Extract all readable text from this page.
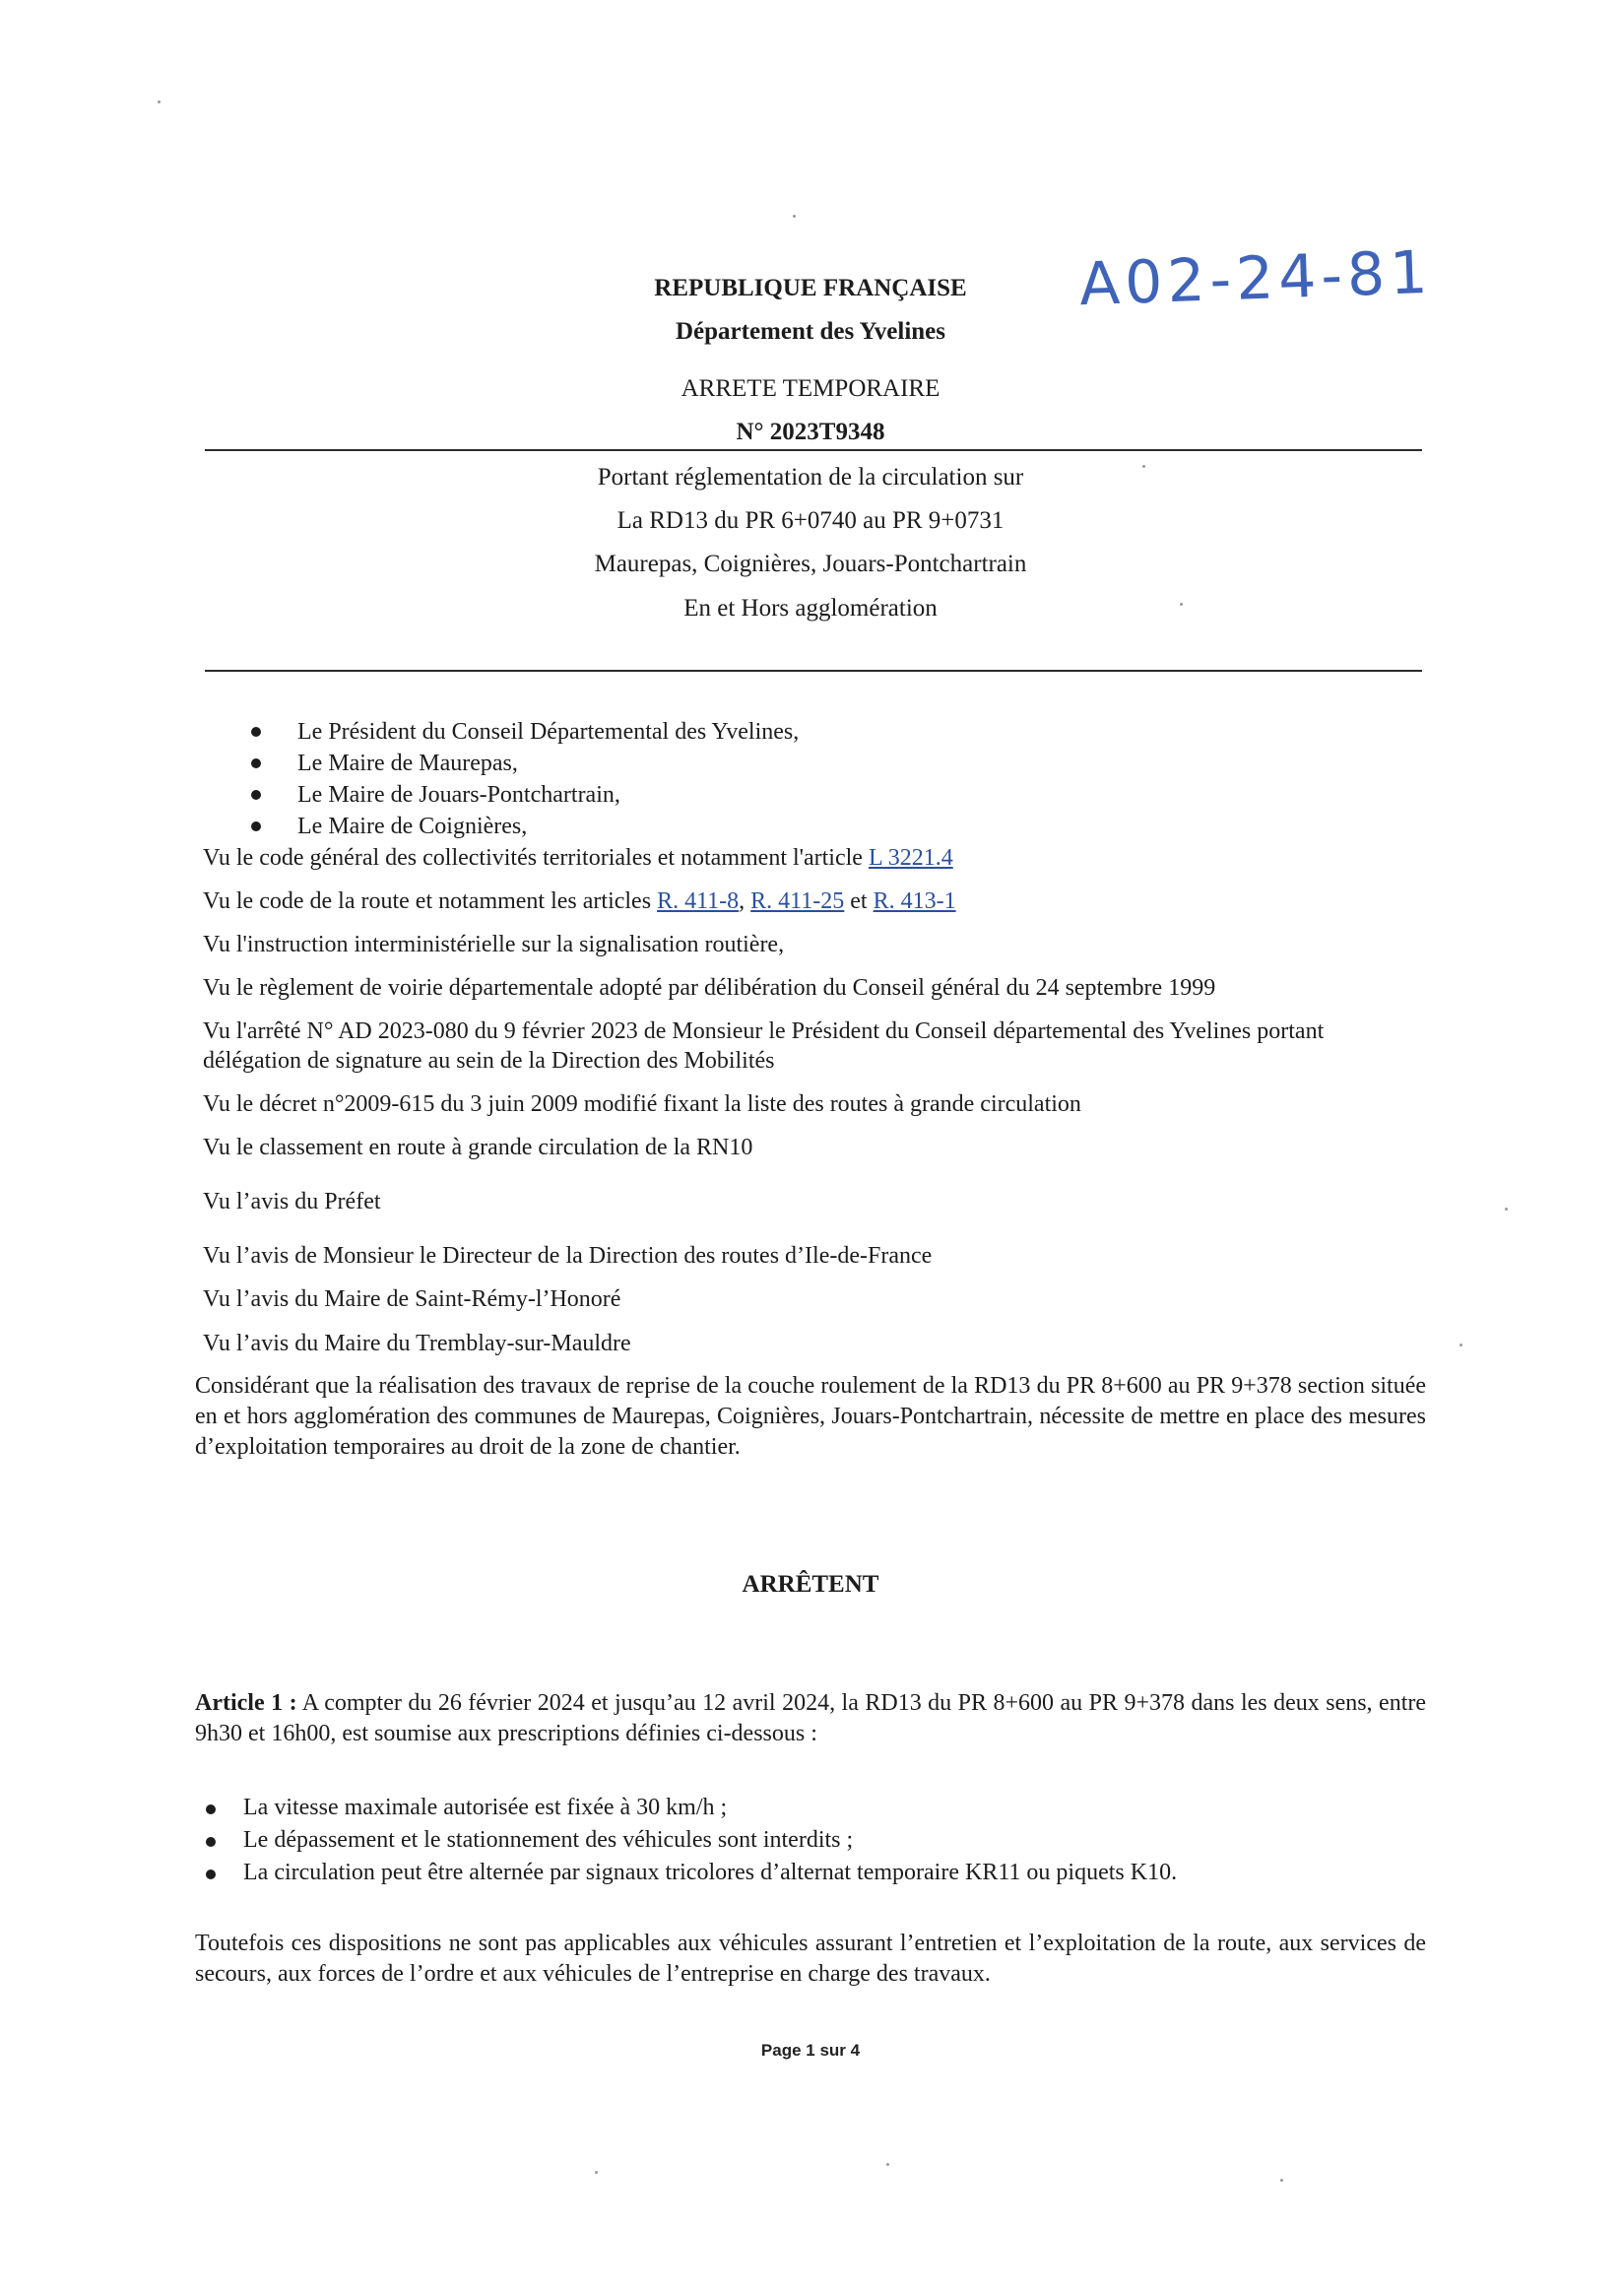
A02-24-81
REPUBLIQUE FRANÇAISE
Département des Yvelines
ARRETE TEMPORAIRE
N° 2023T9348
Portant réglementation de la circulation sur
La RD13 du PR 6+0740 au PR 9+0731
Maurepas, Coignières, Jouars-Pontchartrain
En et Hors agglomération
Le Président du Conseil Départemental des Yvelines,
Le Maire de Maurepas,
Le Maire de Jouars-Pontchartrain,
Le Maire de Coignières,
Vu le code général des collectivités territoriales et notamment l'article L 3221.4
Vu le code de la route et notamment les articles R. 411-8, R. 411-25 et R. 413-1
Vu l'instruction interministérielle sur la signalisation routière,
Vu le règlement de voirie départementale adopté par délibération du Conseil général du 24 septembre 1999
Vu l'arrêté N° AD 2023-080 du 9 février 2023 de Monsieur le Président du Conseil départemental des Yvelines portant
délégation de signature au sein de la Direction des Mobilités
Vu le décret n°2009-615 du 3 juin 2009 modifié fixant la liste des routes à grande circulation
Vu le classement en route à grande circulation de la RN10
Vu l’avis du Préfet
Vu l’avis de Monsieur le Directeur de la Direction des routes d’Ile-de-France
Vu l’avis du Maire de Saint-Rémy-l’Honoré
Vu l’avis du Maire du Tremblay-sur-Mauldre
Considérant que la réalisation des travaux de reprise de la couche roulement de la RD13 du PR 8+600 au PR 9+378 section située en et hors agglomération des communes de Maurepas, Coignières, Jouars-Pontchartrain, nécessite de mettre en place des mesures d’exploitation temporaires au droit de la zone de chantier.
ARRÊTENT
Article 1 : A compter du 26 février 2024 et jusqu’au 12 avril 2024, la RD13 du PR 8+600 au PR 9+378 dans les deux sens, entre 9h30 et 16h00, est soumise aux prescriptions définies ci-dessous :
La vitesse maximale autorisée est fixée à 30 km/h ;
Le dépassement et le stationnement des véhicules sont interdits ;
La circulation peut être alternée par signaux tricolores d’alternat temporaire KR11 ou piquets K10.
Toutefois ces dispositions ne sont pas applicables aux véhicules assurant l’entretien et l’exploitation de la route, aux services de secours, aux forces de l’ordre et aux véhicules de l’entreprise en charge des travaux.
Page 1 sur 4
